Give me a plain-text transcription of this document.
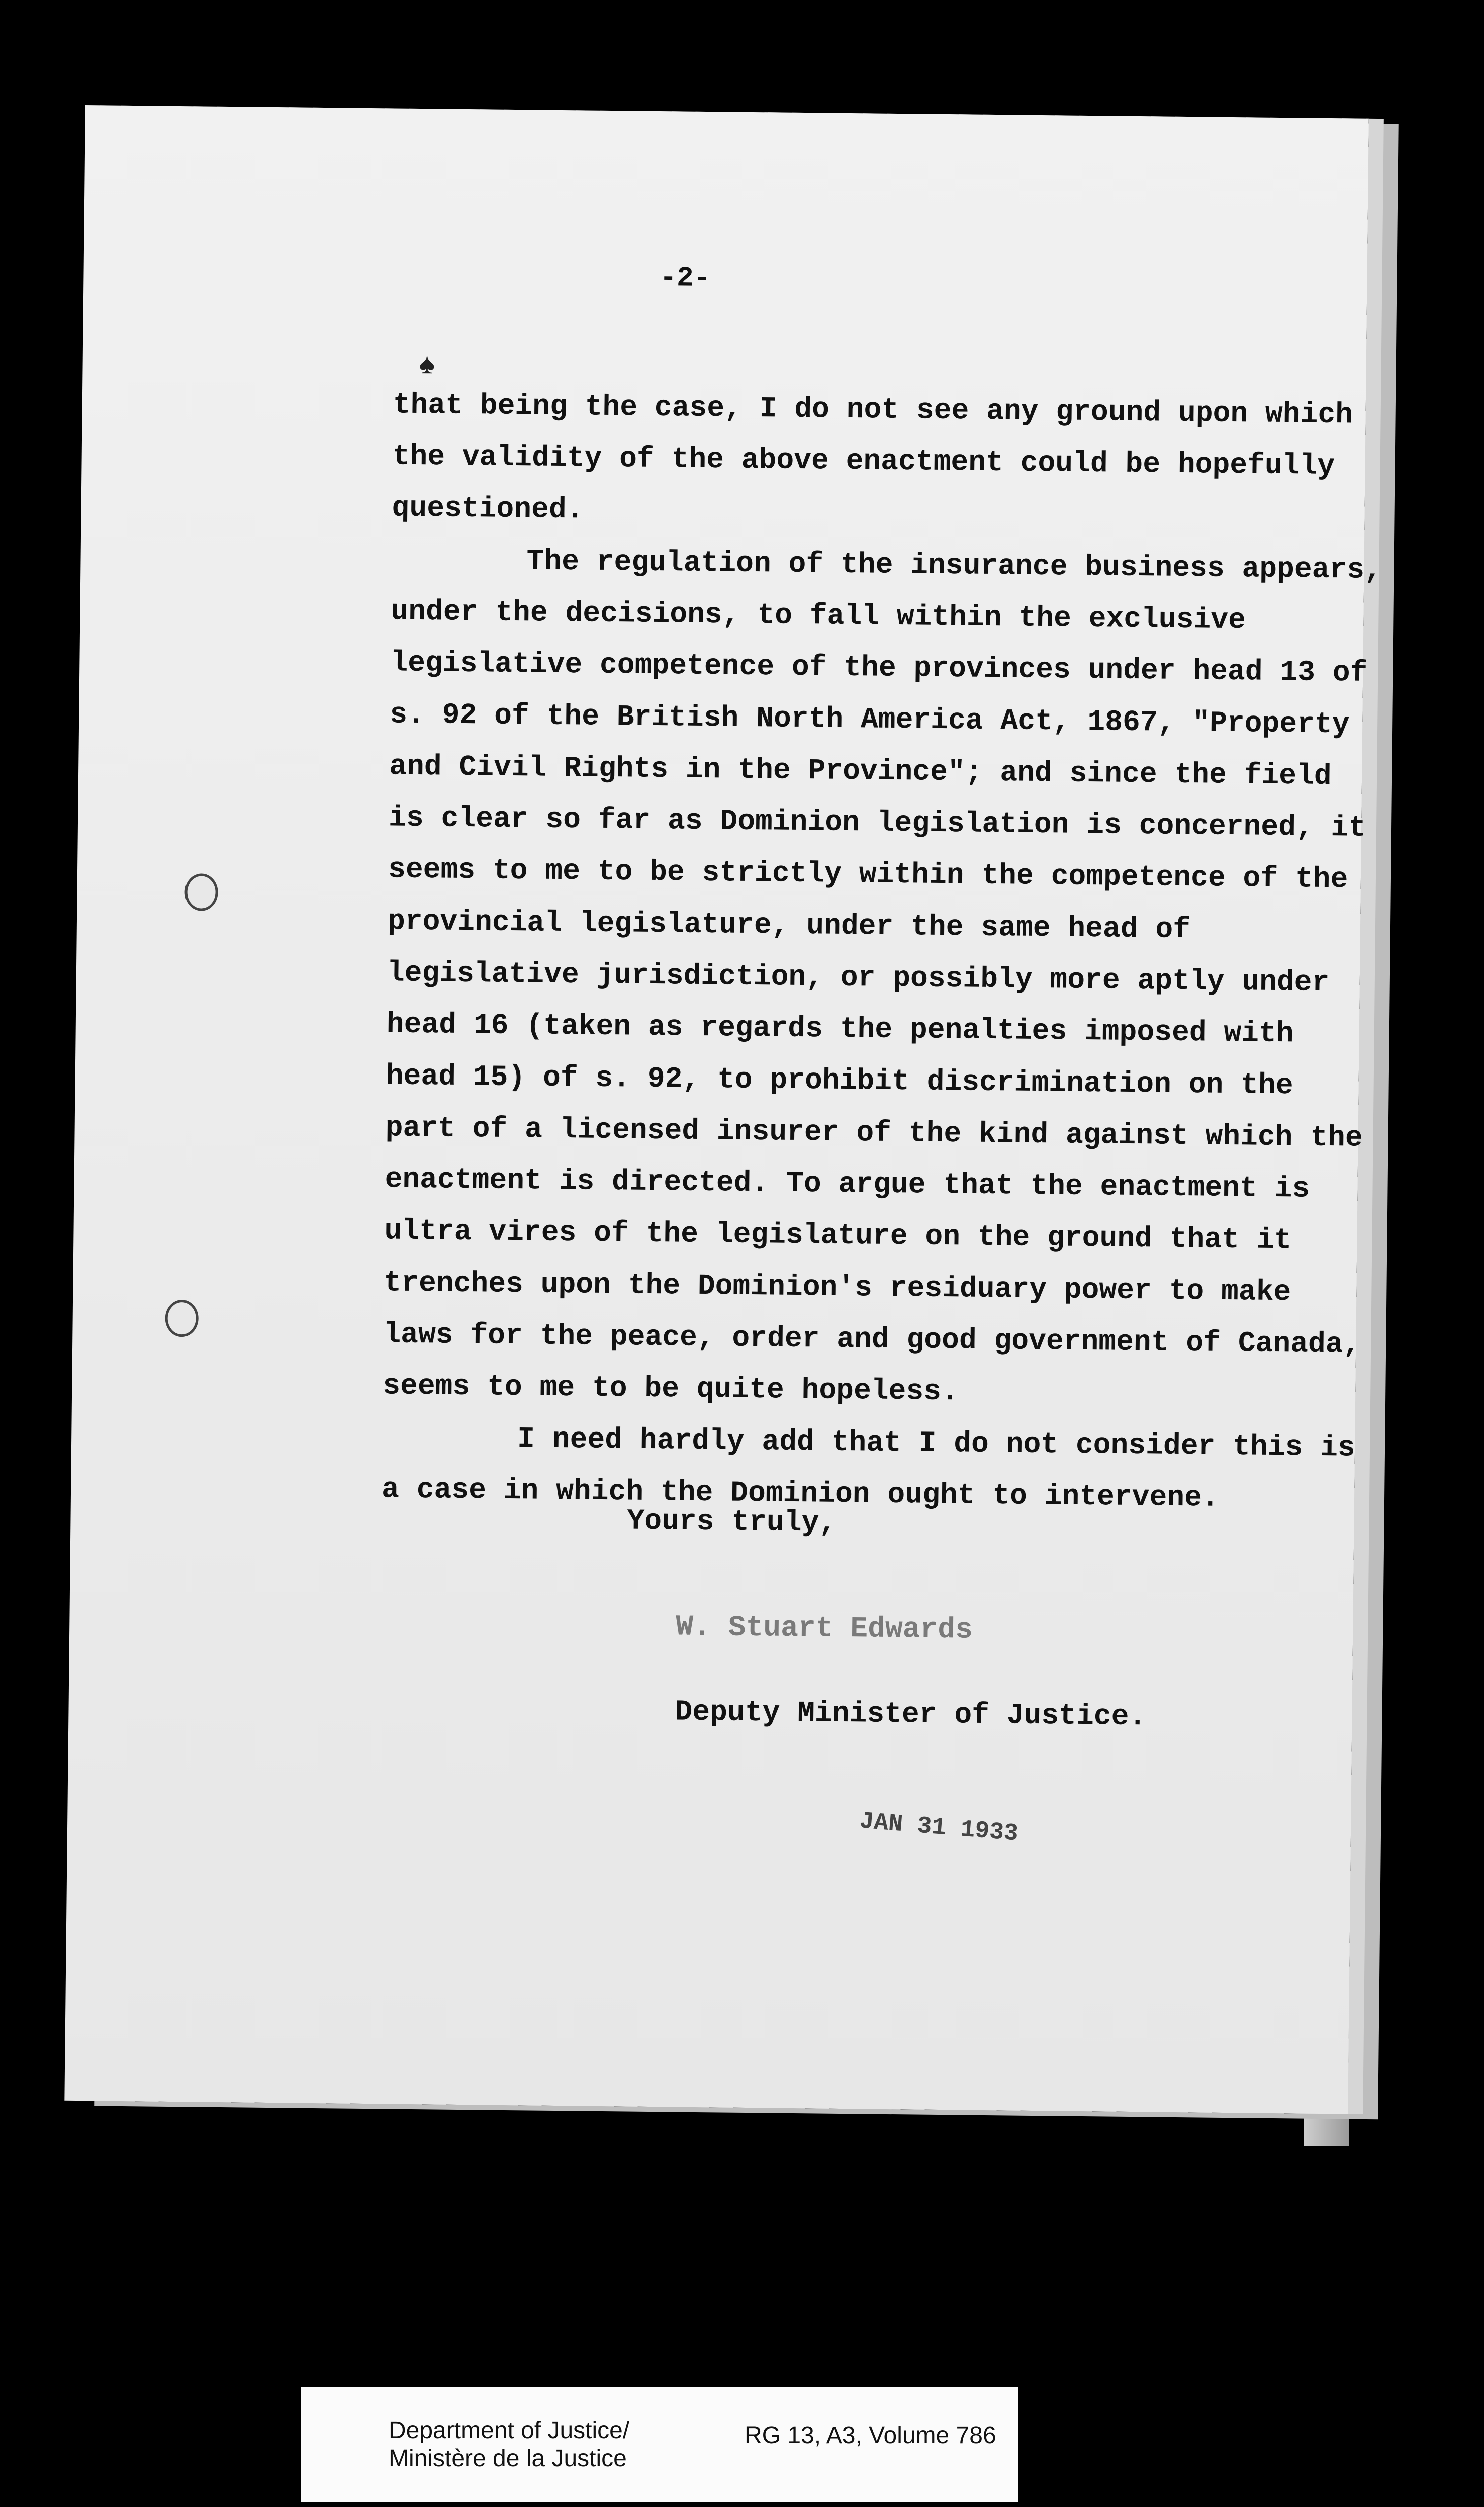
-2-
♠

that being the case, I do not see any ground upon which the validity of the above enactment could be hopefully questioned.

The regulation of the insurance business appears, under the decisions, to fall within the exclusive legislative competence of the provinces under head 13 of s. 92 of the British North America Act, 1867, "Property and Civil Rights in the Province"; and since the field is clear so far as Dominion legislation is concerned, it seems to me to be strictly within the competence of the provincial legislature, under the same head of legislative jurisdiction, or possibly more aptly under head 16 (taken as regards the penalties imposed with head 15) of s. 92, to prohibit discrimination on the part of a licensed insurer of the kind against which the enactment is directed. To argue that the enactment is ultra vires of the legislature on the ground that it trenches upon the Dominion's residuary power to make laws for the peace, order and good government of Canada, seems to me to be quite hopeless.

I need hardly add that I do not consider this is a case in which the Dominion ought to intervene.

Yours truly,
W. Stuart Edwards
Deputy Minister of Justice.
JAN 31 1933
Department of Justice/
Ministère de la Justice
RG 13, A3, Volume 786
